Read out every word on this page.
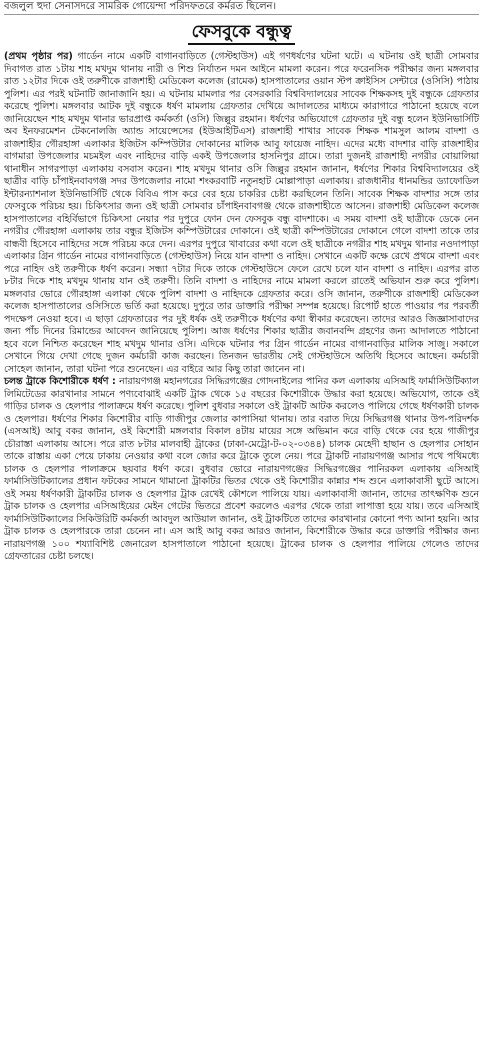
বজলুল হুদা সেনাসদরে সামরিক গোয়েন্দা পরিদফতরে কর্মরত ছিলেন।
ফেসবুকে বন্ধুত্ব

(প্রথম পৃষ্ঠার পর) গার্ডেন নামে একটি বাগানবাড়িতে (গেস্টহাউস) এই গণধর্ষণের ঘটনা ঘটে। এ ঘটনায় ওই ছাত্রী সোমবার দিবাগত রাত ১টায় শাহ মখদুম থানায় নারী ও শিশু নির্যাতন দমন আইনে মামলা করেন। পরে ফরেনসিক পরীক্ষার জন্য মঙ্গলবার রাত ১২টার দিকে ওই তরুণীকে রাজশাহী মেডিকেল কলেজ (রামেক) হাসপাতালের ওয়ান স্টপ ক্রাইসিস সেন্টারে (ওসিসি) পাঠায় পুলিশ। এর পরই ঘটনাটি জানাজানি হয়। এ ঘটনায় মামলার পর বেসরকারি বিশ্ববিদ্যালয়ের সাবেক শিক্ষকসহ দুই বন্ধুকে গ্রেফতার করেছে পুলিশ। মঙ্গলবার আটক দুই বন্ধুকে ধর্ষণ মামলায় গ্রেফতার দেখিয়ে আদালতের মাধ্যমে কারাগারে পাঠানো হয়েছে বলে জানিয়েছেন শাহ মখদুম থানার ভারপ্রাপ্ত কর্মকর্তা (ওসি) জিল্লুর রহমান। ধর্ষণের অভিযোগে গ্রেফতার দুই বন্ধু হলেন ইউনিভার্সিটি অব ইনফরমেশন টেকনোলজি অ্যান্ড সায়েন্সেসের (ইউআইটিএস) রাজশাহী শাখার সাবেক শিক্ষক শামসুল আলম বাদশা ও রাজশাহীর গৌরহাঙ্গা এলাকার ইজিটস কম্পিউটার দোকানের মালিক আবু ফায়েজ নাহিদ। এদের মধ্যে বাদশার বাড়ি রাজশাহীর বাগমারা উপজেলার মচমইল এবং নাহিদের বাড়ি একই উপজেলার হাসনিপুর গ্রামে। তারা দুজনই রাজশাহী নগরীর বোয়ালিয়া থানাধীন সাগরপাড়া এলাকায় বসবাস করেন। শাহ মখদুম থানার ওসি জিল্লুর রহমান জানান, ধর্ষণের শিকার বিশ্ববিদ্যালয়ের ওই ছাত্রীর বাড়ি চাঁপাইনবাবগঞ্জ সদর উপজেলার নামো শংকরবাটি নতুনহাট মোল্লাপাড়া এলাকায়। রাজধানীর ধানমন্ডির ড্যাফোডিল ইন্টারন্যাশনাল ইউনিভার্সিটি থেকে বিবিএ পাস করে বের হয়ে চাকরির চেষ্টা করছিলেন তিনি। সাবেক শিক্ষক বাদশার সঙ্গে তার ফেসবুকে পরিচয় হয়। চিকিৎসার জন্য ওই ছাত্রী সোমবার চাঁপাইনবাবগঞ্জ থেকে রাজশাহীতে আসেন। রাজশাহী মেডিকেল কলেজ হাসপাতালের বহির্বিভাগে চিকিৎসা নেয়ার পর দুপুরে ফোন দেন ফেসবুক বন্ধু বাদশাকে। এ সময় বাদশা ওই ছাত্রীকে ডেকে নেন নগরীর গৌরহাঙ্গা এলাকায় তার বন্ধুর ইজিটস কম্পিউটারের দোকানে। ওই ছাত্রী কম্পিউটারের দোকানে গেলে বাদশা তাকে তার বান্ধবী হিসেবে নাহিদের সঙ্গে পরিচয় করে দেন। এরপর দুপুরে খাবারের কথা বলে ওই ছাত্রীকে নগরীর শাহ মখদুম থানার নওদাপাড়া এলাকার গ্রিন গার্ডেন নামের বাগানবাড়িতে (গেস্টহাউস) নিয়ে যান বাদশা ও নাহিদ। সেখানে একটি কক্ষে রেখে প্রথমে বাদশা এবং পরে নাহিদ ওই তরুণীকে ধর্ষণ করেন। সন্ধ্যা ৭টার দিকে তাকে গেস্টহাউসে ফেলে রেখে চলে যান বাদশা ও নাহিদ। এরপর রাত ৮টার দিকে শাহ মখদুম থানায় যান ওই তরুণী। তিনি বাদশা ও নাহিদের নামে মামলা করলে রাতেই অভিযান শুরু করে পুলিশ। মঙ্গলবার ভোরে গৌরহাঙ্গা এলাকা থেকে পুলিশ বাদশা ও নাহিদকে গ্রেফতার করে। ওসি জানান, তরুণীকে রাজশাহী মেডিকেল কলেজ হাসপাতালের ওসিসিতে ভর্তি করা হয়েছে। দুপুরে তার ডাক্তারি পরীক্ষা সম্পন্ন হয়েছে। রিপোর্ট হাতে পাওয়ার পর পরবর্তী পদক্ষেপ নেওয়া হবে। এ ছাড়া গ্রেফতারের পর দুই ধর্ষক ওই তরুণীকে ধর্ষণের কথা স্বীকার করেছেন। তাদের আরও জিজ্ঞাসাবাদের জন্য পাঁচ দিনের রিমান্ডের আবেদন জানিয়েছে পুলিশ। আজ ধর্ষণের শিকার ছাত্রীর জবানবন্দি গ্রহণের জন্য আদালতে পাঠানো হবে বলে নিশ্চিত করেছেন শাহ মখদুম থানার ওসি। এদিকে ঘটনার পর গ্রিন গার্ডেন নামের বাগানবাড়ির মালিক সাজু। সকালে সেখানে গিয়ে দেখা গেছে দুজন কর্মচারী কাজ করছেন। তিনজন ভারতীয় সেই গেস্টহাউসে অতিথি হিসেবে আছেন। কর্মচারী সোহেল জানান, তারা ঘটনা পরে শুনেছেন। এর বাইরে আর কিছু তারা জানেন না।

চলন্ত ট্রাকে কিশোরীকে ধর্ষণ : নারায়ণগঞ্জ মহানগরের সিদ্ধিরগঞ্জের গোদনাইলের পানির কল এলাকায় এসিআই ফার্মাসিউটিক্যাল লিমিটেডের কারখানার সামনে পণ্যবোঝাই একটি ট্রাক থেকে ১৫ বছরের কিশোরীকে উদ্ধার করা হয়েছে। অভিযোগ, তাকে ওই গাড়ির চালক ও হেলপার পালাক্রমে ধর্ষণ করেছে। পুলিশ বুধবার সকালে ওই ট্রাকটি আটক করলেও পালিয়ে গেছে ধর্ষণকারী চালক ও হেলপার। ধর্ষণের শিকার কিশোরীর বাড়ি গাজীপুর জেলার কাপাসিয়া থানায়। তার বরাত দিয়ে সিদ্ধিরগঞ্জ থানার উপ-পরিদর্শক (এসআই) আবু বকর জানান, ওই কিশোরী মঙ্গলবার বিকাল ৪টায় মায়ের সঙ্গে অভিমান করে বাড়ি থেকে বের হয়ে গাজীপুর চৌরাস্তা এলাকায় আসে। পরে রাত ৮টার মালবাহী ট্রাকের (ঢাকা-মেট্রো-ট-০২-০৩৪৪) চালক মেহেদী হাছান ও হেলপার সোহান তাকে রাস্তায় একা পেয়ে ঢাকায় নেওয়ার কথা বলে জোর করে ট্রাকে তুলে নেয়। পরে ট্রাকটি নারায়ণগঞ্জ আসার পথে পথিমধ্যে চালক ও হেলপার পালাক্রমে ছয়বার ধর্ষণ করে। বুধবার ভোরে নারায়ণগঞ্জের সিদ্ধিরগঞ্জের পানিরকল এলাকায় এসিআই ফার্মাসিউটিক্যালের প্রধান ফটকের সামনে থামানো ট্রাকটির ভিতর থেকে ওই কিশোরীর কান্নার শব্দ শুনে এলাকাবাসী ছুটে আসে। ওই সময় ধর্ষণকারী ট্রাকটির চালক ও হেলপার ট্রাক রেখেই কৌশলে পালিয়ে যায়। এলাকাবাসী জানান, তাদের তাৎক্ষণিক শুনে ট্রাক চালক ও হেলপার এসিআইয়ের মেইন গেটের ভিতরে প্রবেশ করলেও এরপর থেকে তারা লাপাত্তা হয়ে যায়। তবে এসিআই ফার্মাসিউটিক্যালের সিকিউরিটি কর্মকর্তা আবদুল আউয়াল জানান, ওই ট্রাকটিতে তাদের কারখানার কোনো পণ্য আনা হয়নি। আর ট্রাক চালক ও হেলপারকে তারা চেনেন না। এস আই আবু বকর আরও জানান, কিশোরীকে উদ্ধার করে ডাক্তারি পরীক্ষার জন্য নারায়ণগঞ্জ ১০০ শয্যাবিশিষ্ট জেনারেল হাসপাতালে পাঠানো হয়েছে। ট্রাকের চালক ও হেলপার পালিয়ে গেলেও তাদের গ্রেফতারের চেষ্টা চলছে।
